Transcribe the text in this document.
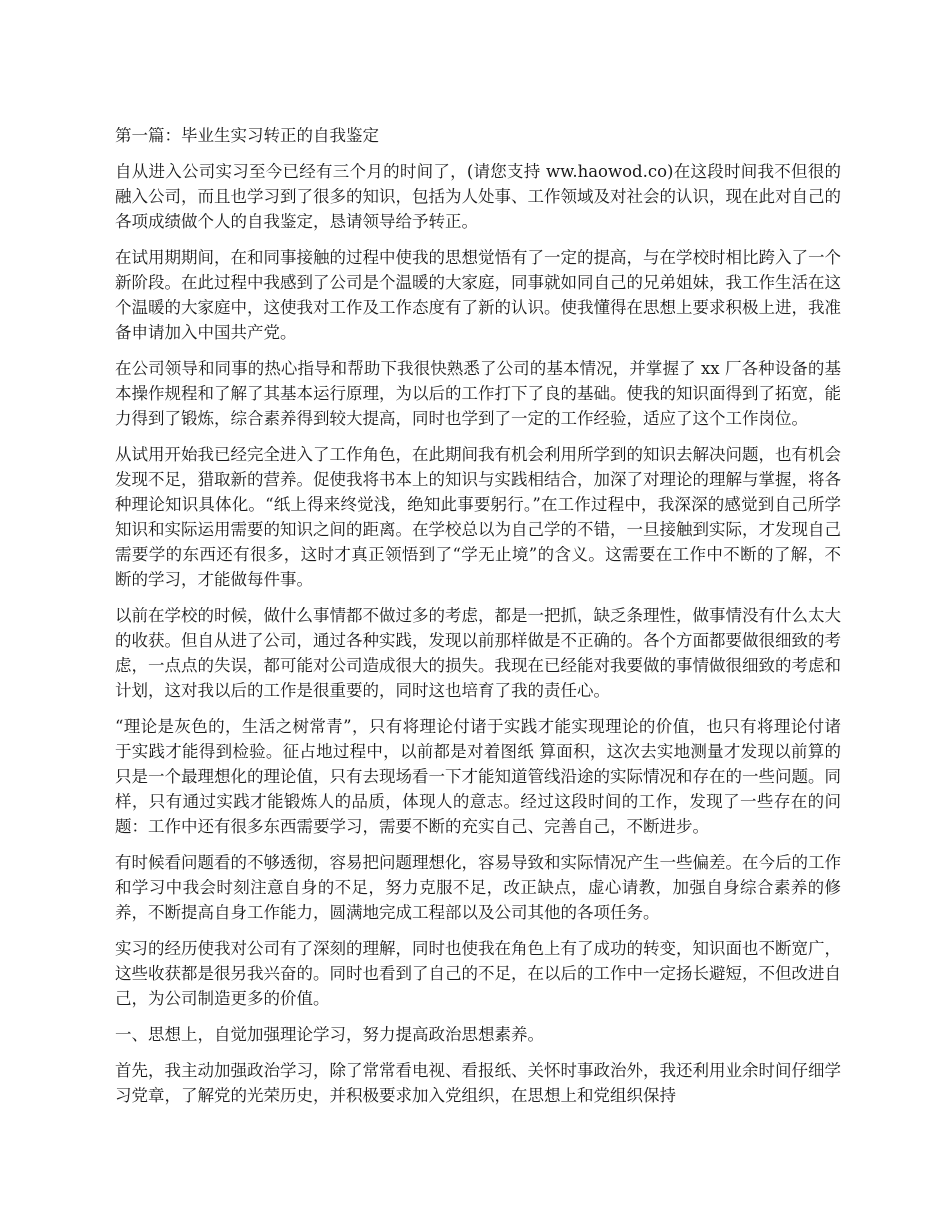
第一篇：毕业生实习转正的自我鉴定
自从进入公司实习至今已经有三个月的时间了，(请您支持 ww.haowod.co)在这段时间我不但很的融入公司，而且也学习到了很多的知识，包括为人处事、工作领域及对社会的认识，现在此对自己的各项成绩做个人的自我鉴定，恳请领导给予转正。
在试用期期间，在和同事接触的过程中使我的思想觉悟有了一定的提高，与在学校时相比跨入了一个新阶段。在此过程中我感到了公司是个温暖的大家庭，同事就如同自己的兄弟姐妹，我工作生活在这个温暖的大家庭中，这使我对工作及工作态度有了新的认识。使我懂得在思想上要求积极上进，我准备申请加入中国共产党。
在公司领导和同事的热心指导和帮助下我很快熟悉了公司的基本情况，并掌握了 xx 厂各种设备的基本操作规程和了解了其基本运行原理，为以后的工作打下了良的基础。使我的知识面得到了拓宽，能力得到了锻炼，综合素养得到较大提高，同时也学到了一定的工作经验，适应了这个工作岗位。
从试用开始我已经完全进入了工作角色，在此期间我有机会利用所学到的知识去解决问题，也有机会发现不足，猎取新的营养。促使我将书本上的知识与实践相结合，加深了对理论的理解与掌握，将各种理论知识具体化。“纸上得来终觉浅，绝知此事要躬行。”在工作过程中，我深深的感觉到自己所学知识和实际运用需要的知识之间的距离。在学校总以为自己学的不错，一旦接触到实际，才发现自己需要学的东西还有很多，这时才真正领悟到了“学无止境”的含义。这需要在工作中不断的了解，不断的学习，才能做每件事。
以前在学校的时候，做什么事情都不做过多的考虑，都是一把抓，缺乏条理性，做事情没有什么太大的收获。但自从进了公司，通过各种实践，发现以前那样做是不正确的。各个方面都要做很细致的考虑，一点点的失误，都可能对公司造成很大的损失。我现在已经能对我要做的事情做很细致的考虑和计划，这对我以后的工作是很重要的，同时这也培育了我的责任心。
“理论是灰色的，生活之树常青”，只有将理论付诸于实践才能实现理论的价值，也只有将理论付诸于实践才能得到检验。征占地过程中，以前都是对着图纸 算面积，这次去实地测量才发现以前算的只是一个最理想化的理论值，只有去现场看一下才能知道管线沿途的实际情况和存在的一些问题。同样，只有通过实践才能锻炼人的品质，体现人的意志。经过这段时间的工作，发现了一些存在的问题：工作中还有很多东西需要学习，需要不断的充实自己、完善自己，不断进步。
有时候看问题看的不够透彻，容易把问题理想化，容易导致和实际情况产生一些偏差。在今后的工作和学习中我会时刻注意自身的不足，努力克服不足，改正缺点，虚心请教，加强自身综合素养的修养，不断提高自身工作能力，圆满地完成工程部以及公司其他的各项任务。
实习的经历使我对公司有了深刻的理解，同时也使我在角色上有了成功的转变，知识面也不断宽广，这些收获都是很另我兴奋的。同时也看到了自己的不足，在以后的工作中一定扬长避短，不但改进自己，为公司制造更多的价值。
一、思想上，自觉加强理论学习，努力提高政治思想素养。
首先，我主动加强政治学习，除了常常看电视、看报纸、关怀时事政治外，我还利用业余时间仔细学习党章，了解党的光荣历史，并积极要求加入党组织，在思想上和党组织保持
